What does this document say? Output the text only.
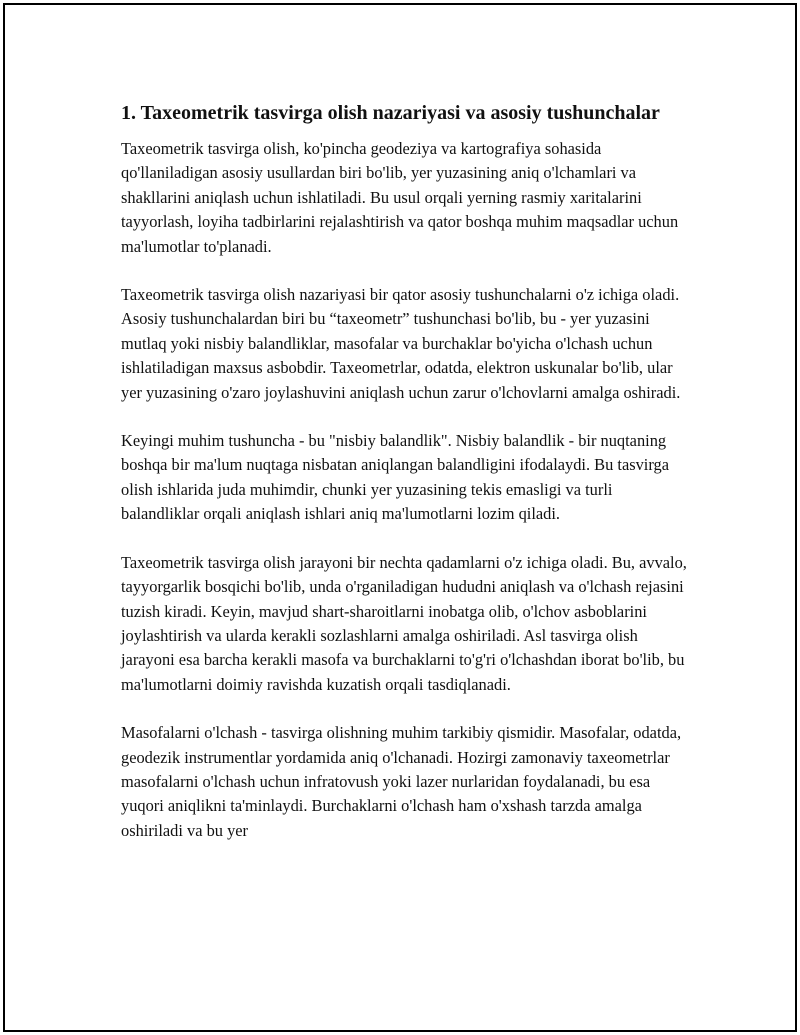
1. Taxeometrik tasvirga olish nazariyasi va asosiy tushunchalar

Taxeometrik tasvirga olish, ko'pincha geodeziya va kartografiya sohasida qo'llaniladigan asosiy usullardan biri bo'lib, yer yuzasining aniq o'lchamlari va shakllarini aniqlash uchun ishlatiladi. Bu usul orqali yerning rasmiy xaritalarini tayyorlash, loyiha tadbirlarini rejalashtirish va qator boshqa muhim maqsadlar uchun ma'lumotlar to'planadi.

Taxeometrik tasvirga olish nazariyasi bir qator asosiy tushunchalarni o'z ichiga oladi. Asosiy tushunchalardan biri bu “taxeometr” tushunchasi bo'lib, bu - yer yuzasini mutlaq yoki nisbiy balandliklar, masofalar va burchaklar bo'yicha o'lchash uchun ishlatiladigan maxsus asbobdir. Taxeometrlar, odatda, elektron uskunalar bo'lib, ular yer yuzasining o'zaro joylashuvini aniqlash uchun zarur o'lchovlarni amalga oshiradi.

Keyingi muhim tushuncha - bu "nisbiy balandlik". Nisbiy balandlik - bir nuqtaning boshqa bir ma'lum nuqtaga nisbatan aniqlangan balandligini ifodalaydi. Bu tasvirga olish ishlarida juda muhimdir, chunki yer yuzasining tekis emasligi va turli balandliklar orqali aniqlash ishlari aniq ma'lumotlarni lozim qiladi.

Taxeometrik tasvirga olish jarayoni bir nechta qadamlarni o'z ichiga oladi. Bu, avvalo, tayyorgarlik bosqichi bo'lib, unda o'rganiladigan hududni aniqlash va o'lchash rejasini tuzish kiradi. Keyin, mavjud shart-sharoitlarni inobatga olib, o'lchov asboblarini joylashtirish va ularda kerakli sozlashlarni amalga oshiriladi. Asl tasvirga olish jarayoni esa barcha kerakli masofa va burchaklarni to'g'ri o'lchashdan iborat bo'lib, bu ma'lumotlarni doimiy ravishda kuzatish orqali tasdiqlanadi.

Masofalarni o'lchash - tasvirga olishning muhim tarkibiy qismidir. Masofalar, odatda, geodezik instrumentlar yordamida aniq o'lchanadi. Hozirgi zamonaviy taxeometrlar masofalarni o'lchash uchun infratovush yoki lazer nurlaridan foydalanadi, bu esa yuqori aniqlikni ta'minlaydi. Burchaklarni o'lchash ham o'xshash tarzda amalga oshiriladi va bu yer
